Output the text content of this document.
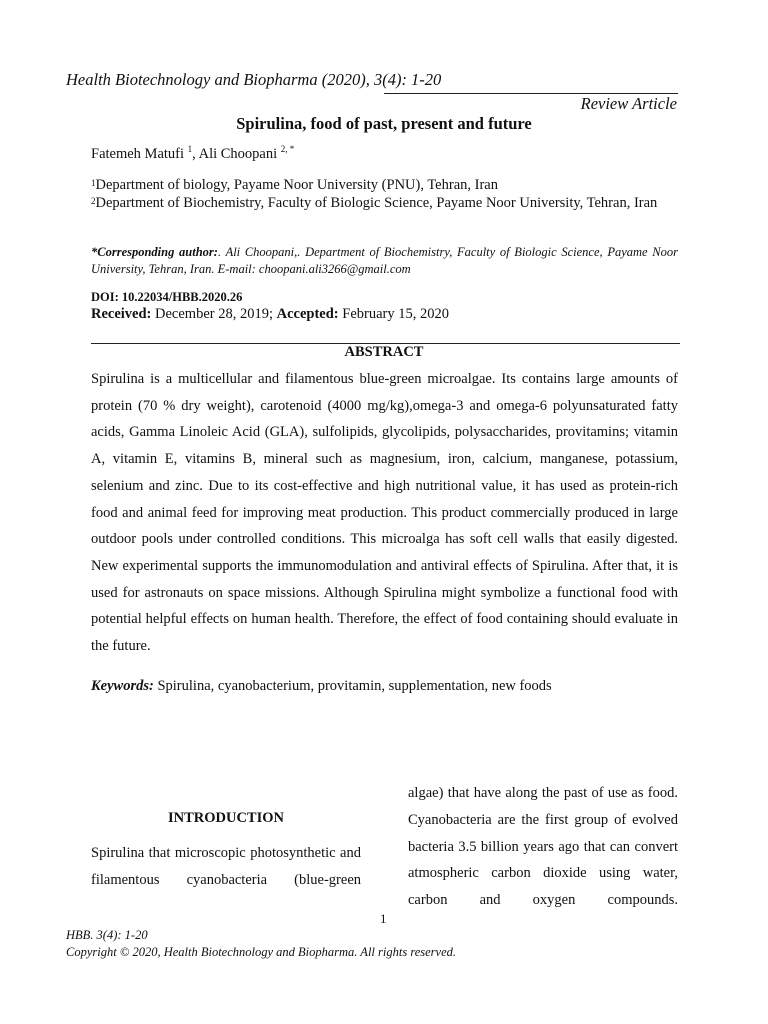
Health Biotechnology and Biopharma (2020), 3(4): 1-20
Review Article
Spirulina, food of past, present and future
Fatemeh Matufi $^1$, Ali Choopani $^{2, *}$

$^1$Department of biology, Payame Noor University (PNU), Tehran, Iran

$^2$Department of Biochemistry, Faculty of Biologic Science, Payame Noor University, Tehran, Iran

*Corresponding author:. Ali Choopani,. Department of Biochemistry, Faculty of Biologic Science, Payame Noor University, Tehran, Iran. E-mail: choopani.ali3266@gmail.com
DOI: 10.22034/HBB.2020.26
Received: December 28, 2019; Accepted: February 15, 2020
ABSTRACT
Spirulina is a multicellular and filamentous blue-green microalgae. Its contains large amounts of protein (70 % dry weight), carotenoid (4000 mg/kg),omega-3 and omega-6 polyunsaturated fatty acids, Gamma Linoleic Acid (GLA), sulfolipids, glycolipids, polysaccharides, provitamins; vitamin A, vitamin E, vitamins B, mineral such as magnesium, iron, calcium, manganese, potassium, selenium and zinc. Due to its cost-effective and high nutritional value, it has used as protein-rich food and animal feed for improving meat production. This product commercially produced in large outdoor pools under controlled conditions. This microalga has soft cell walls that easily digested. New experimental supports the immunomodulation and antiviral effects of Spirulina. After that, it is used for astronauts on space missions. Although Spirulina might symbolize a functional food with potential helpful effects on human health. Therefore, the effect of food containing should evaluate in the future.
Keywords: Spirulina, cyanobacterium, provitamin, supplementation, new foods
INTRODUCTION
Spirulina that microscopic photosynthetic and filamentous cyanobacteria (blue-green
algae) that have along the past of use as food. Cyanobacteria are the first group of evolved bacteria 3.5 billion years ago that can convert atmospheric carbon dioxide using water, carbon and oxygen compounds.
1
HBB. 3(4): 1-20
Copyright © 2020, Health Biotechnology and Biopharma. All rights reserved.
